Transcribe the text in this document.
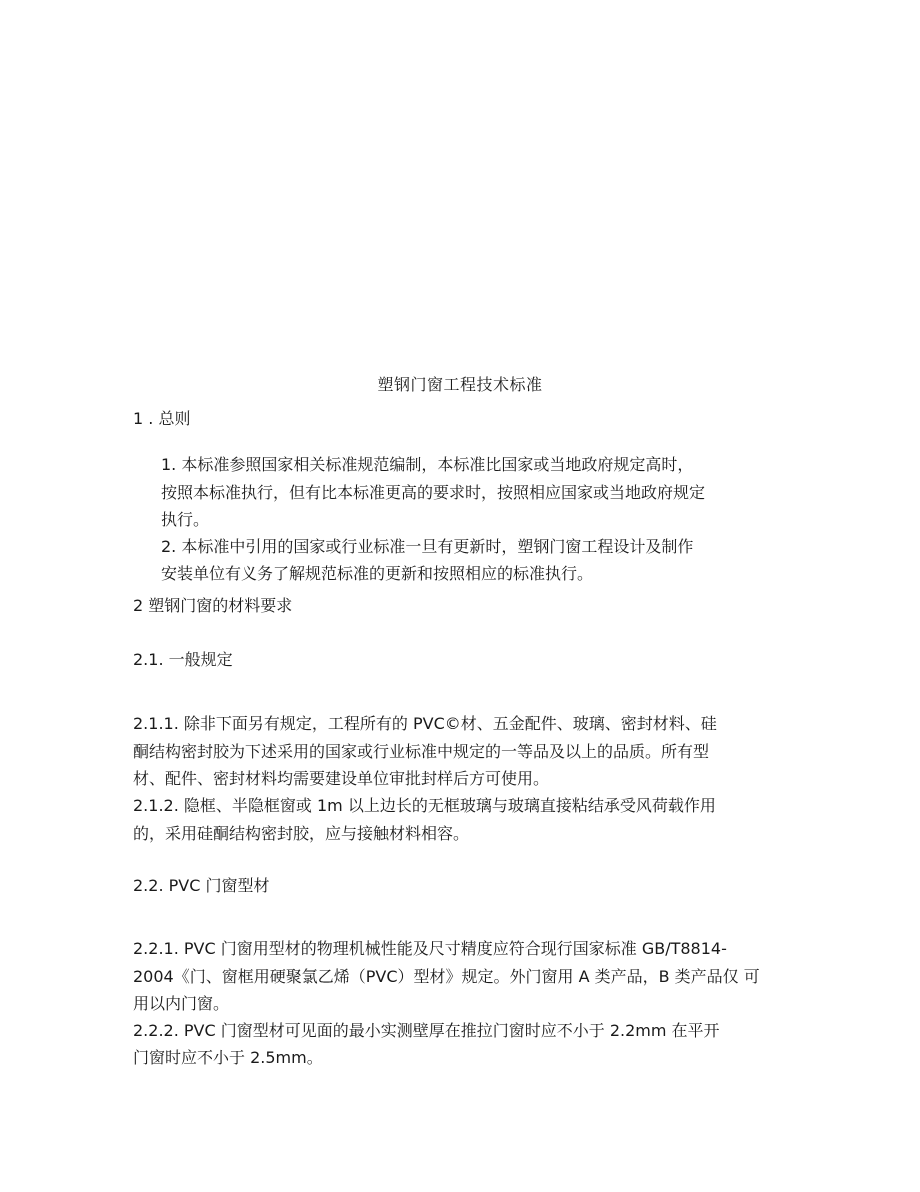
塑钢门窗工程技术标准
1 . 总则
1. 本标准参照国家相关标准规范编制，本标准比国家或当地政府规定高时，
按照本标准执行，但有比本标准更高的要求时，按照相应国家或当地政府规定
执行。
2. 本标准中引用的国家或行业标准一旦有更新时，塑钢门窗工程设计及制作
安装单位有义务了解规范标准的更新和按照相应的标准执行。
2 塑钢门窗的材料要求
2.1. 一般规定
2.1.1. 除非下面另有规定，工程所有的 PVC©材、五金配件、玻璃、密封材料、硅
酮结构密封胶为下述采用的国家或行业标准中规定的一等品及以上的品质。所有型
材、配件、密封材料均需要建设单位审批封样后方可使用。
2.1.2. 隐框、半隐框窗或 1m 以上边长的无框玻璃与玻璃直接粘结承受风荷载作用
的，采用硅酮结构密封胶，应与接触材料相容。
2.2. PVC 门窗型材
2.2.1. PVC 门窗用型材的物理机械性能及尺寸精度应符合现行国家标准 GB/T8814-
2004《门、窗框用硬聚氯乙烯（PVC）型材》规定。外门窗用 A 类产品，B 类产品仅 可
用以内门窗。
2.2.2. PVC 门窗型材可见面的最小实测壁厚在推拉门窗时应不小于 2.2mm 在平开
门窗时应不小于 2.5mm。
